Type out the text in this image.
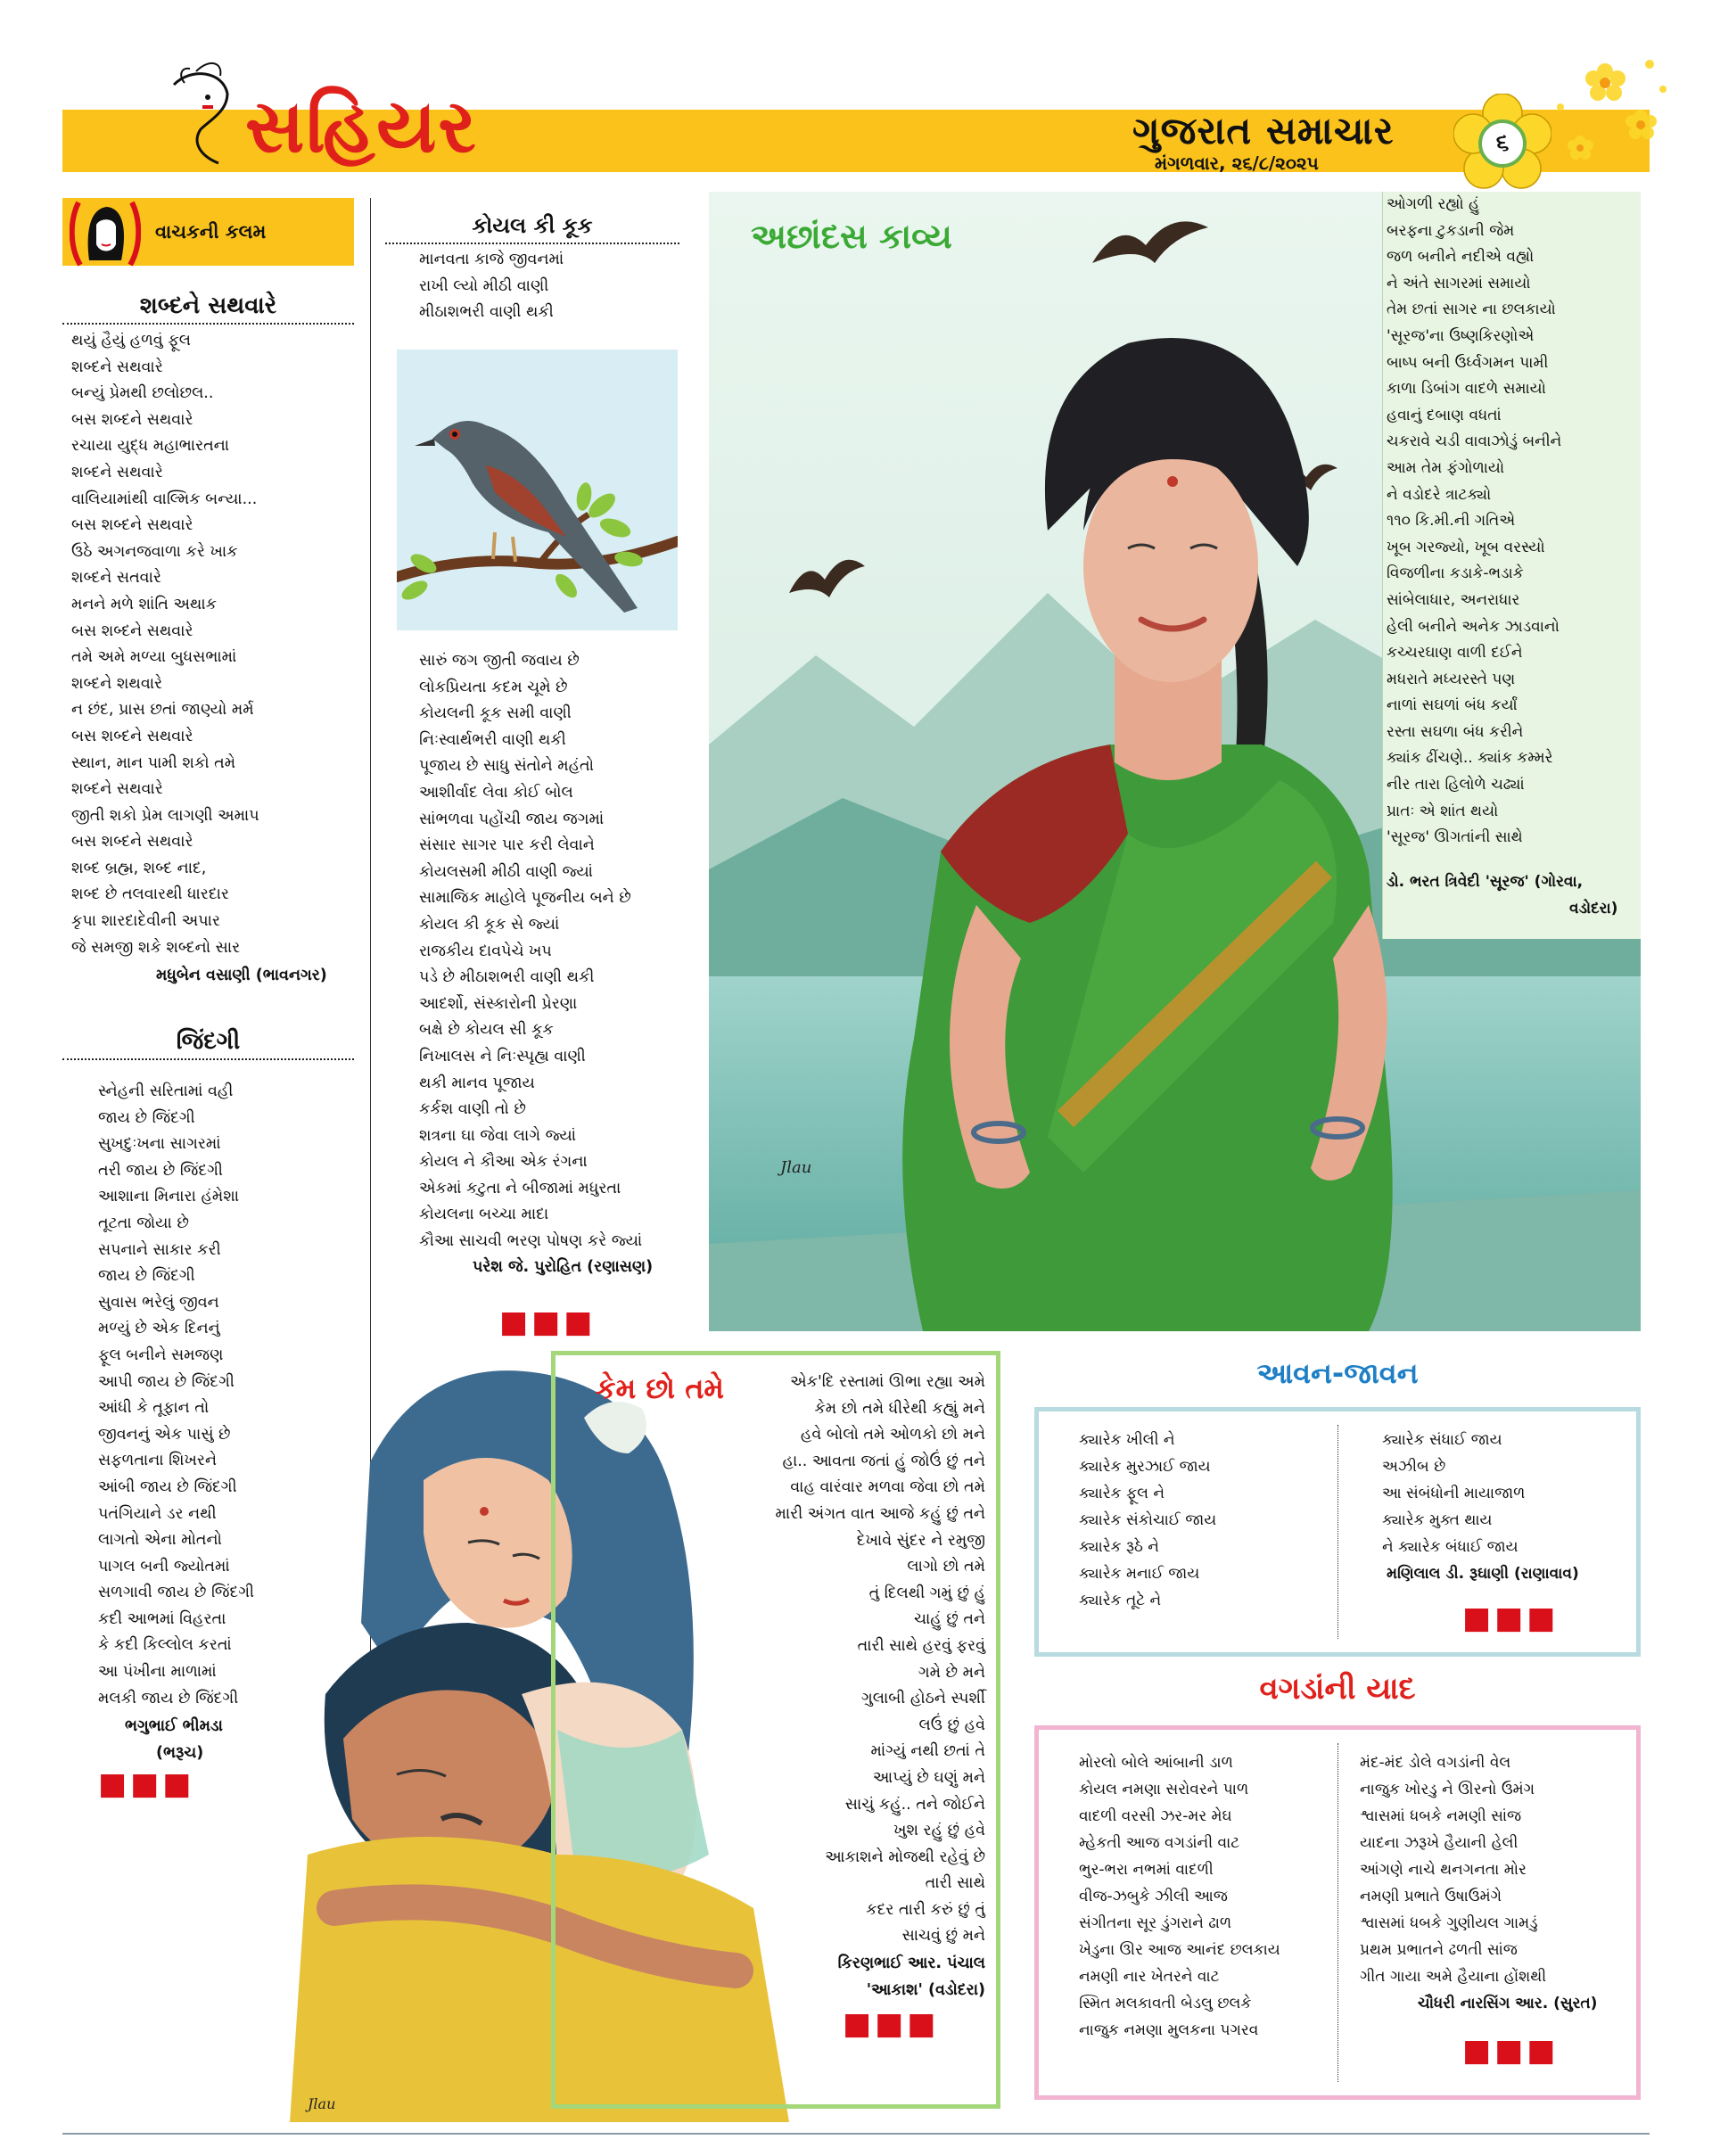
સહિયર	ગુજરાત સમાચાર
મંગળવાર, ૨૬/૮/૨૦૨૫
૬
વાચકની કલમ
શબ્દને સથવારે
થયું હૈયું હળવું ફૂલ
શબ્દને સથવારે
બન્યું પ્રેમથી છલોછલ..
બસ શબ્દને સથવારે
રચાયા યુદ્ધ મહાભારતના
શબ્દને સથવારે
વાલિયામાંથી વાલ્મિક બન્યા...
બસ શબ્દને સથવારે
ઉઠે અગનજવાળા કરે ખાક
શબ્દને સતવારે
મનને મળે શાંતિ અથાક
બસ શબ્દને સથવારે
તમે અમે મળ્યા બુધસભામાં
શબ્દને શથવારે
ન છંદ, પ્રાસ છતાં જાણ્યો મર્મ
બસ શબ્દને સથવારે
સ્થાન, માન પામી શકો તમે
શબ્દને સથવારે
જીતી શકો પ્રેમ લાગણી અમાપ
બસ શબ્દને સથવારે
શબ્દ બ્રહ્મ, શબ્દ નાદ,
શબ્દ છે તલવારથી ધારદાર
કૃપા શારદાદેવીની અપાર
જે સમજી શકે શબ્દનો સાર
મધુબેન વસાણી (ભાવનગર)
જિંદગી
સ્નેહની સરિતામાં વહી
જાય છે જિંદગી
સુખદુઃખના સાગરમાં
તરી જાય છે જિંદગી
આશાના મિનારા હંમેશા
તૂટતા જોયા છે
સપનાને સાકાર કરી
જાય છે જિંદગી
સુવાસ ભરેલું જીવન
મળ્યું છે એક દિનનું
ફૂલ બનીને સમજણ
આપી જાય છે જિંદગી
આંધી કે તૂફાન તો
જીવનનું એક પાસું છે
સફળતાના શિખરને
આંબી જાય છે જિંદગી
પતંગિયાને ડર નથી
લાગતો એના મોતનો
પાગલ બની જ્યોતમાં
સળગાવી જાય છે જિંદગી
કદી આભમાં વિહરતા
કે કદી કિલ્લોલ કરતાં
આ પંખીના માળામાં
મલકી જાય છે જિંદગી
ભગુભાઈ ભીમડા
(ભરૂચ)
■■■
કોયલ કી કૂક
માનવતા કાજે જીવનમાં
રાખી લ્યો મીઠી વાણી
મીઠાશભરી વાણી થકી
સારું જગ જીતી જવાય છે
લોકપ્રિયતા કદમ ચૂમે છે
કોયલની કૂક સમી વાણી
નિઃસ્વાર્થભરી વાણી થકી
પૂજાય છે સાધુ સંતોને મહંતો
આશીર્વાદ લેવા કોઈ બોલ
સાંભળવા પહોંચી જાય જગમાં
સંસાર સાગર પાર કરી લેવાને
કોયલસમી મીઠી વાણી જ્યાં
સામાજિક માહોલે પૂજનીય બને છે
કોયલ કી કૂક સે જ્યાં
રાજકીય દાવપેચે ખપ
પડે છે મીઠાશભરી વાણી થકી
આદર્શો, સંસ્કારોની પ્રેરણા
બક્ષે છે કોયલ સી કૂક
નિખાલસ ને નિઃસ્પૃહ્ય વાણી
થકી માનવ પૂજાય
કર્કશ વાણી તો છે
શત્રના ઘા જેવા લાગે જ્યાં
કોયલ ને કૌઆ એક રંગના
એકમાં કટુતા ને બીજામાં મધુરતા
કોયલના બચ્ચા માદા
કૌઆ સાચવી ભરણ પોષણ કરે જ્યાં
પરેશ જે. પુરોહિત (રણાસણ)
■■■
Jlau
અછાંદસ કાવ્ય
ઓગળી રહ્યો હું
બરફના ટુકડાની જેમ
જળ બનીને નદીએ વહ્યો
ને અંતે સાગરમાં સમાયો
તેમ છતાં સાગર ના છલકાયો
'સૂરજ'ના ઉષ્ણકિરણોએ
બાષ્પ બની ઉર્ધ્વગમન પામી
કાળા ડિબાંગ વાદળે સમાયો
હવાનું દબાણ વધતાં
ચકરાવે ચડી વાવાઝોડું બનીને
આમ તેમ ફંગોળાયો
ને વડોદરે ત્રાટક્યો
૧૧૦ કિ.મી.ની ગતિએ
ખૂબ ગરજ્યો, ખૂબ વરસ્યો
વિજળીના કડાકે-ભડાકે
સાંબેલાધાર, અનરાધાર
હેલી બનીને અનેક ઝાડવાનો
કચ્ચરઘાણ વાળી દઈને
મધરાતે મધ્યરસ્તે પણ
નાળાં સઘળાં બંધ કર્યાં
રસ્તા સઘળા બંધ કરીને
ક્યાંક ઢીંચણે.. ક્યાંક કમ્મરે
નીર તારા હિલોળે ચઢ્યાં
પ્રાતઃ એ શાંત થયો
'સૂરજ' ઊગતાંની સાથે
ડો. ભરત ત્રિવેદી 'સૂરજ' (ગોરવા,
વડોદરા)
Jlau
કેમ છો તમે	એક'દિ રસ્તામાં ઊભા રહ્યા અમે
કેમ છો તમે ધીરેથી કહ્યું મને
હવે બોલો તમે ઓળકો છો મને
હા.. આવતા જતાં હું જોઉં છું તને
વાહ વારંવાર મળવા જેવા છો તમે
મારી અંગત વાત આજે કહું છું તને
દેખાવે સુંદર ને રમુજી
લાગો છો તમે
તું દિલથી ગમું છું હું
ચાહું છું તને
તારી સાથે હરવું ફરવું
ગમે છે મને
ગુલાબી હોઠને સ્પર્શી
લઉં છું હવે
માંગ્યું નથી છતાં તે
આપ્યું છે ઘણું મને
સાચું કહું.. તને જોઈને
ખુશ રહું છું હવે
આકાશને મોજથી રહેવું છે
તારી સાથે
કદર તારી કરું છું તું
સાચવું છું મને
કિરણભાઈ આર. પંચાલ
'આકાશ' (વડોદરા)
■■■
આવન-જાવન
ક્યારેક ખીલી ને
ક્યારેક મુરઝાઈ જાય
ક્યારેક ફૂલ ને
ક્યારેક સંકોચાઈ જાય
ક્યારેક રૂઠે ને
ક્યારેક મનાઈ જાય
ક્યારેક તૂટે ને
ક્યારેક સંધાઈ જાય
અઝીબ છે
આ સંબંધોની માયાજાળ
ક્યારેક મુક્ત થાય
ને ક્યારેક બંધાઈ જાય
મણિલાલ ડી. રૂઘાણી (રાણાવાવ)
■■■
વગડાંની યાદ
મોરલો બોલે આંબાની ડાળ
કોયલ નમણા સરોવરને પાળ
વાદળી વરસી ઝર-મર મેઘ
મ્હેકતી આજ વગડાંની વાટ
ભુર-ભરા નભમાં વાદળી
વીજ-ઝબુકે ઝીલી આજ
સંગીતના સૂર ડુંગરાને ઢાળ
ખેડુના ઊર આજ આનંદ છલકાય
નમણી નાર ખેતરને વાટ
સ્મિત મલકાવતી બેડલુ છલકે
નાજુક નમણા મુલકના પગરવ
મંદ-મંદ ડોલે વગડાંની વેલ
નાજુક ખોરડુ ને ઊરનો ઉમંગ
શ્વાસમાં ધબકે નમણી સાંજ
યાદના ઝરૂખે હૈયાની હેલી
આંગણે નાચે થનગનતા મોર
નમણી પ્રભાતે ઉષાઉમંગે
શ્વાસમાં ધબકે ગુણીયલ ગામડું
પ્રથમ પ્રભાતને ઢળતી સાંજ
ગીત ગાયા અમે હૈયાના હોંશથી
ચૌધરી નારસિંગ આર. (સુરત)
■■■
